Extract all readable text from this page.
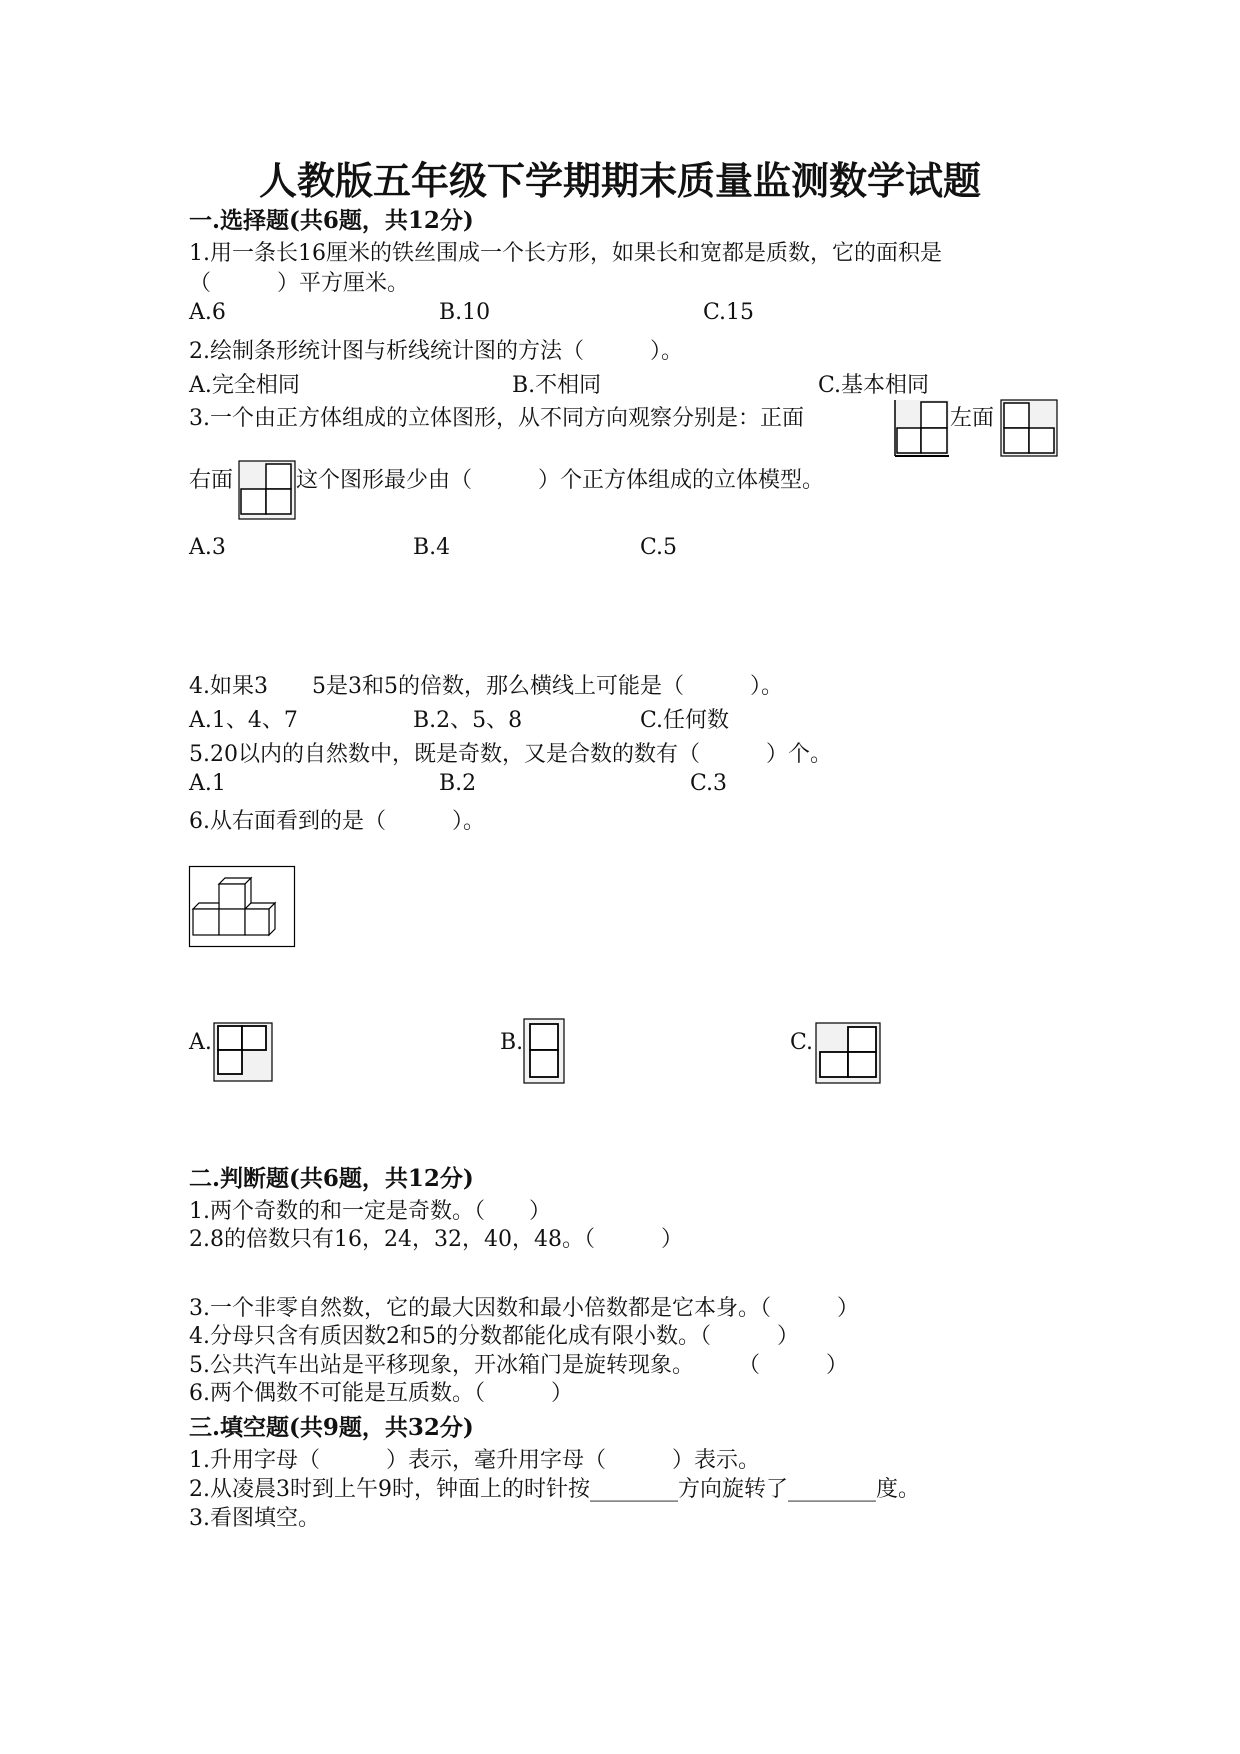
人教版五年级下学期期末质量监测数学试题
一.选择题(共6题，共12分)
1.用一条长16厘米的铁丝围成一个长方形，如果长和宽都是质数，它的面积是
（　　　）平方厘米。
A.6	B.10	C.15
2.绘制条形统计图与析线统计图的方法（　　　）。
A.完全相同	B.不相同	C.基本相同
3.一个由正方体组成的立体图形，从不同方向观察分别是：正面	左面
右面	这个图形最少由（　　　）个正方体组成的立体模型。
A.3	B.4	C.5
4.如果3　　5是3和5的倍数，那么横线上可能是（　　　）。
A.1、4、7	B.2、5、8	C.任何数
5.20以内的自然数中，既是奇数，又是合数的数有（　　　）个。
A.1	B.2	C.3
6.从右面看到的是（　　　）。
A.	B.	C.
二.判断题(共6题，共12分)
1.两个奇数的和一定是奇数。（　　）
2.8的倍数只有16，24，32，40，48。（　　　）
3.一个非零自然数，它的最大因数和最小倍数都是它本身。（　　　）
4.分母只含有质因数2和5的分数都能化成有限小数。（　　　）
5.公共汽车出站是平移现象，开冰箱门是旋转现象。　　　（　　　）
6.两个偶数不可能是互质数。（　　　）
三.填空题(共9题，共32分)
1.升用字母（　　　）表示，毫升用字母（　　　）表示。
2.从凌晨3时到上午9时，钟面上的时针按________方向旋转了________度。
3.看图填空。
